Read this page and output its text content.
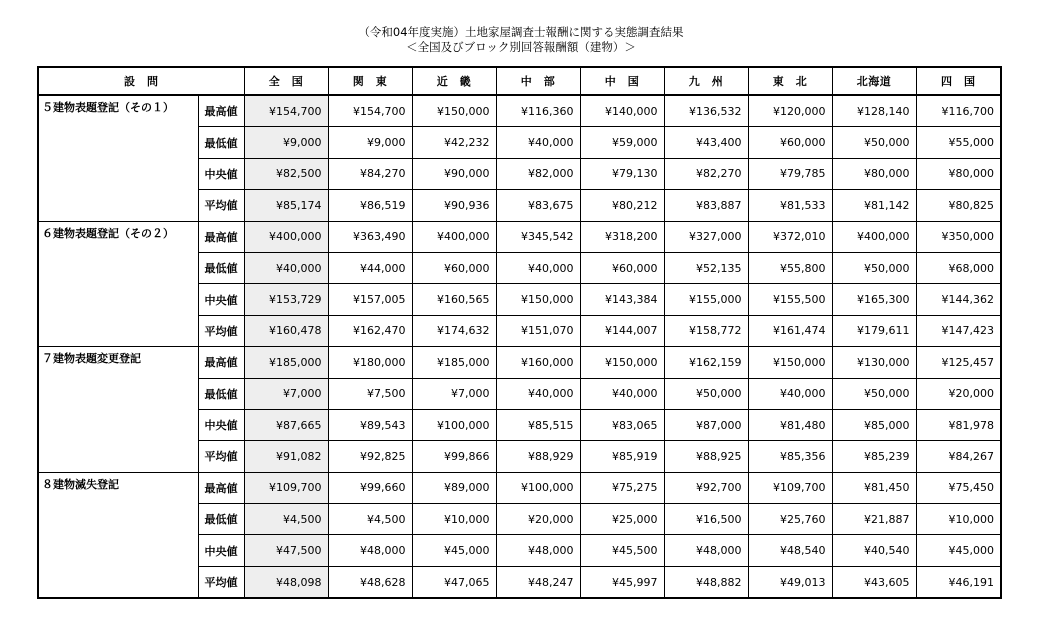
（令和04年度実施）土地家屋調査士報酬に関する実態調査結果
＜全国及びブロック別回答報酬額（建物）＞
設　問		全　国	関　東	近　畿	中　部	中　国	九　州	東　北	北海道	四　国
５建物表題登記（その１）	最高値	¥154,700	¥154,700	¥150,000	¥116,360	¥140,000	¥136,532	¥120,000	¥128,140	¥116,700
	最低値	¥9,000	¥9,000	¥42,232	¥40,000	¥59,000	¥43,400	¥60,000	¥50,000	¥55,000
	中央値	¥82,500	¥84,270	¥90,000	¥82,000	¥79,130	¥82,270	¥79,785	¥80,000	¥80,000
	平均値	¥85,174	¥86,519	¥90,936	¥83,675	¥80,212	¥83,887	¥81,533	¥81,142	¥80,825
６建物表題登記（その２）	最高値	¥400,000	¥363,490	¥400,000	¥345,542	¥318,200	¥327,000	¥372,010	¥400,000	¥350,000
	最低値	¥40,000	¥44,000	¥60,000	¥40,000	¥60,000	¥52,135	¥55,800	¥50,000	¥68,000
	中央値	¥153,729	¥157,005	¥160,565	¥150,000	¥143,384	¥155,000	¥155,500	¥165,300	¥144,362
	平均値	¥160,478	¥162,470	¥174,632	¥151,070	¥144,007	¥158,772	¥161,474	¥179,611	¥147,423
７建物表題変更登記	最高値	¥185,000	¥180,000	¥185,000	¥160,000	¥150,000	¥162,159	¥150,000	¥130,000	¥125,457
	最低値	¥7,000	¥7,500	¥7,000	¥40,000	¥40,000	¥50,000	¥40,000	¥50,000	¥20,000
	中央値	¥87,665	¥89,543	¥100,000	¥85,515	¥83,065	¥87,000	¥81,480	¥85,000	¥81,978
	平均値	¥91,082	¥92,825	¥99,866	¥88,929	¥85,919	¥88,925	¥85,356	¥85,239	¥84,267
８建物滅失登記	最高値	¥109,700	¥99,660	¥89,000	¥100,000	¥75,275	¥92,700	¥109,700	¥81,450	¥75,450
	最低値	¥4,500	¥4,500	¥10,000	¥20,000	¥25,000	¥16,500	¥25,760	¥21,887	¥10,000
	中央値	¥47,500	¥48,000	¥45,000	¥48,000	¥45,500	¥48,000	¥48,540	¥40,540	¥45,000
	平均値	¥48,098	¥48,628	¥47,065	¥48,247	¥45,997	¥48,882	¥49,013	¥43,605	¥46,191
